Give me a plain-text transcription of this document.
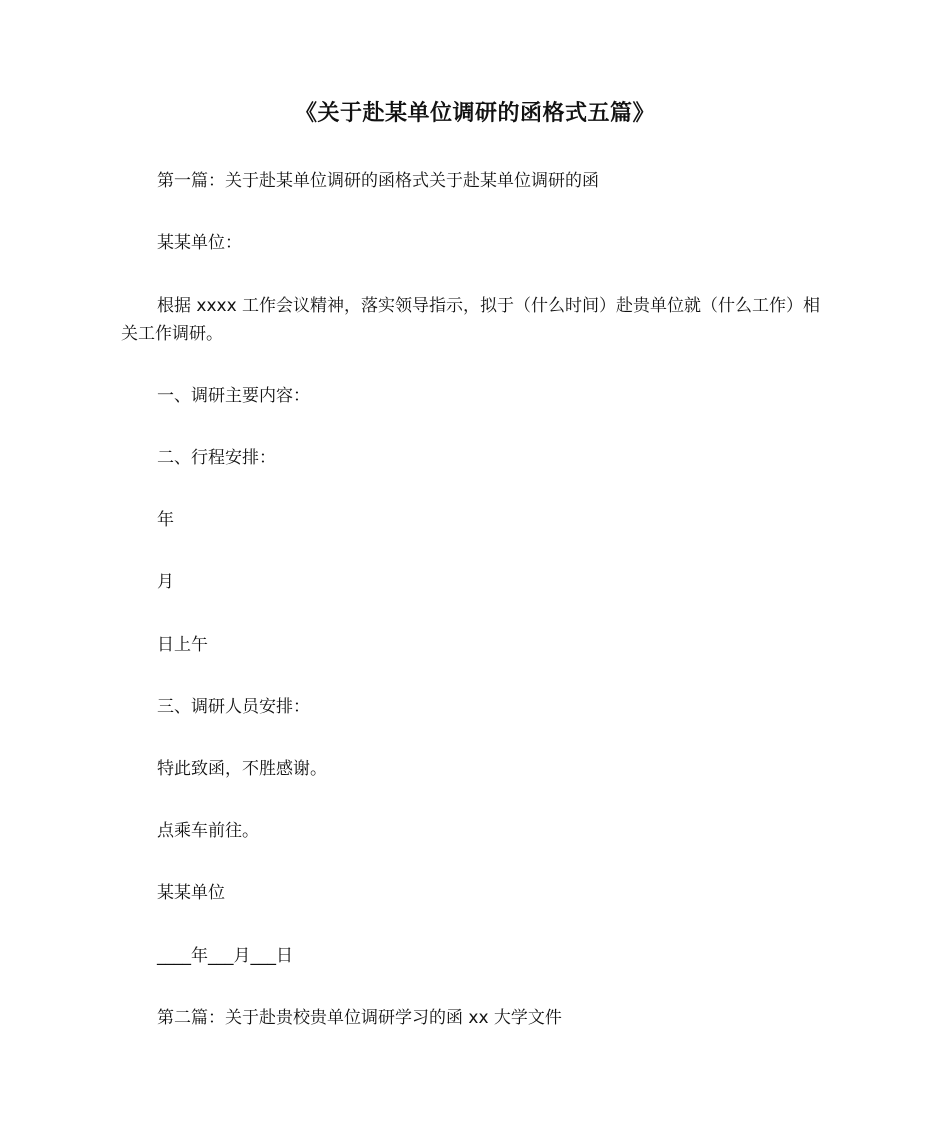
《关于赴某单位调研的函格式五篇》
第一篇：关于赴某单位调研的函格式关于赴某单位调研的函
某某单位：
根据 xxxx 工作会议精神，落实领导指示，拟于（什么时间）赴贵单位就（什么工作）相关工作调研。
一、调研主要内容：
二、行程安排：
年
月
日上午
三、调研人员安排：
特此致函，不胜感谢。
点乘车前往。
某某单位
____年___月___日
第二篇：关于赴贵校贵单位调研学习的函 xx 大学文件
